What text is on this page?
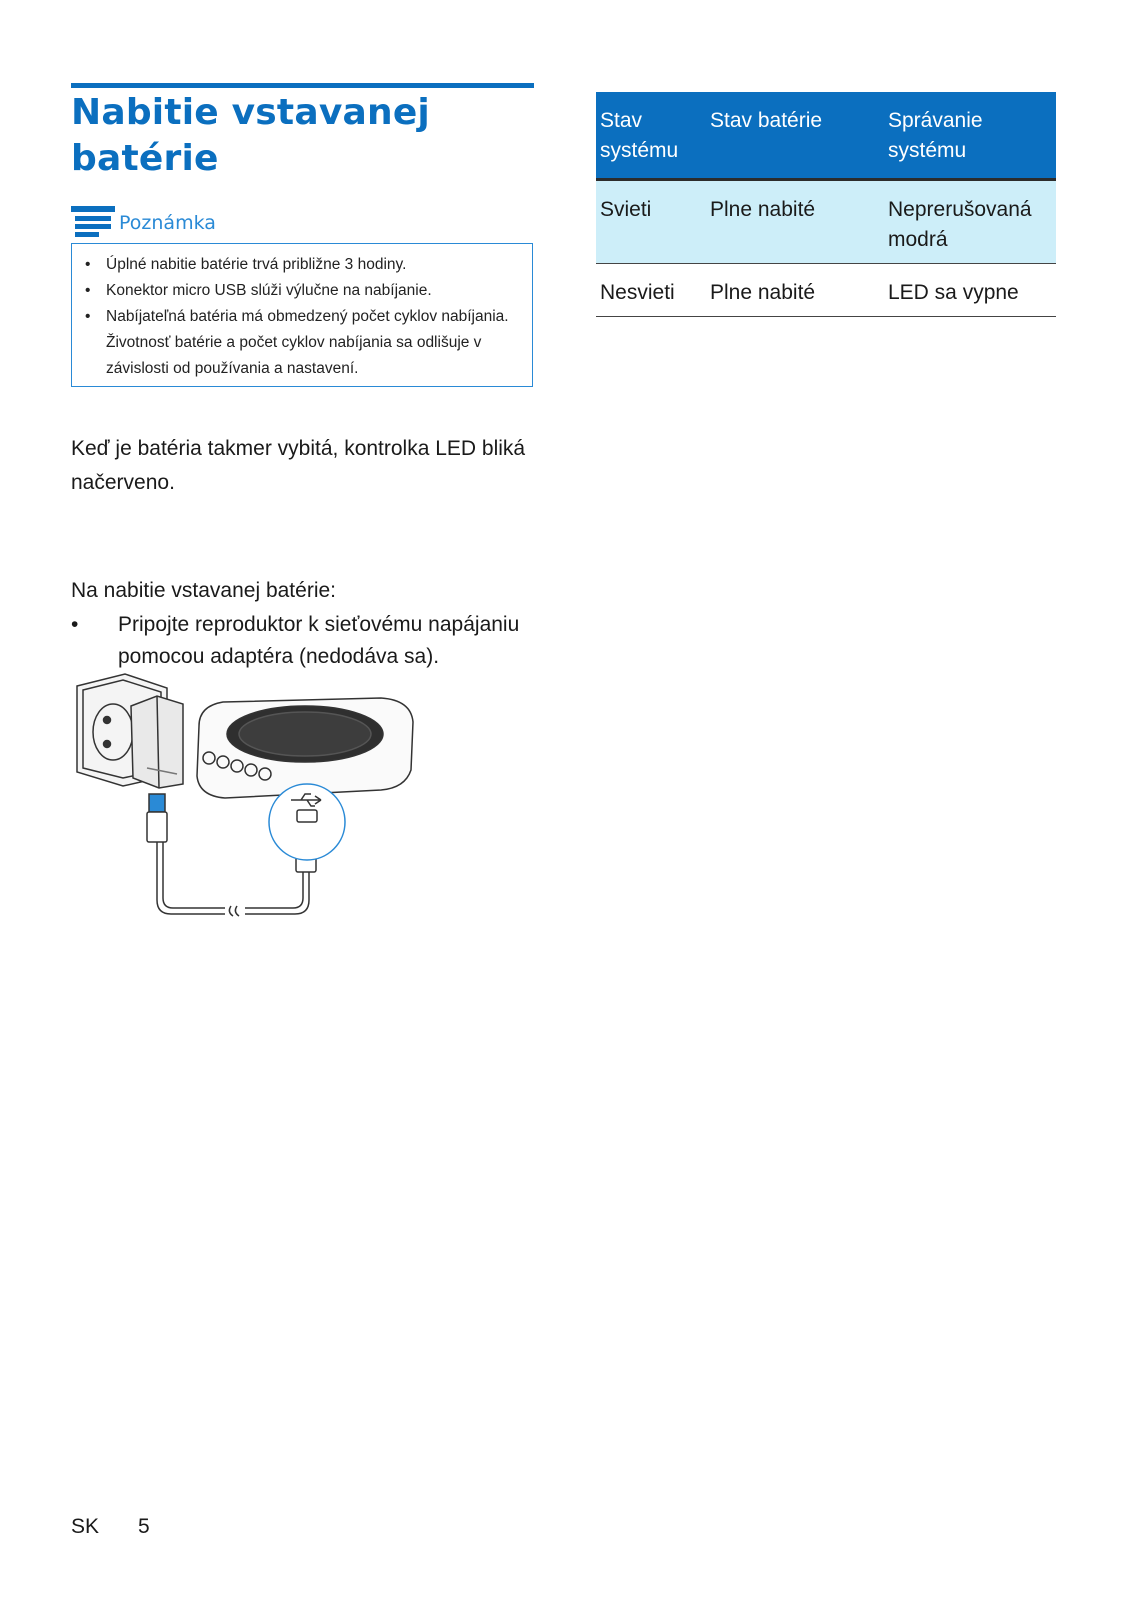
Nabitie vstavanej
batérie
Poznámka
• Úplné nabitie batérie trvá približne 3 hodiny.
• Konektor micro USB slúži výlučne na nabíjanie.
• Nabíjateľná batéria má obmedzený počet cyklov nabíjania. Životnosť batérie a počet cyklov nabíjania sa odlišuje v závislosti od používania a nastavení.

Keď je batéria takmer vybitá, kontrolka LED bliká načerveno.

Na nabitie vstavanej batérie:

•	Pripojte reproduktor k sieťovému napájaniu pomocou adaptéra (nedodáva sa).
Stav systému	Stav batérie	Správanie systému
Svieti	Plne nabité	Neprerušovaná modrá
Nesvieti	Plne nabité	LED sa vypne
SK 5
